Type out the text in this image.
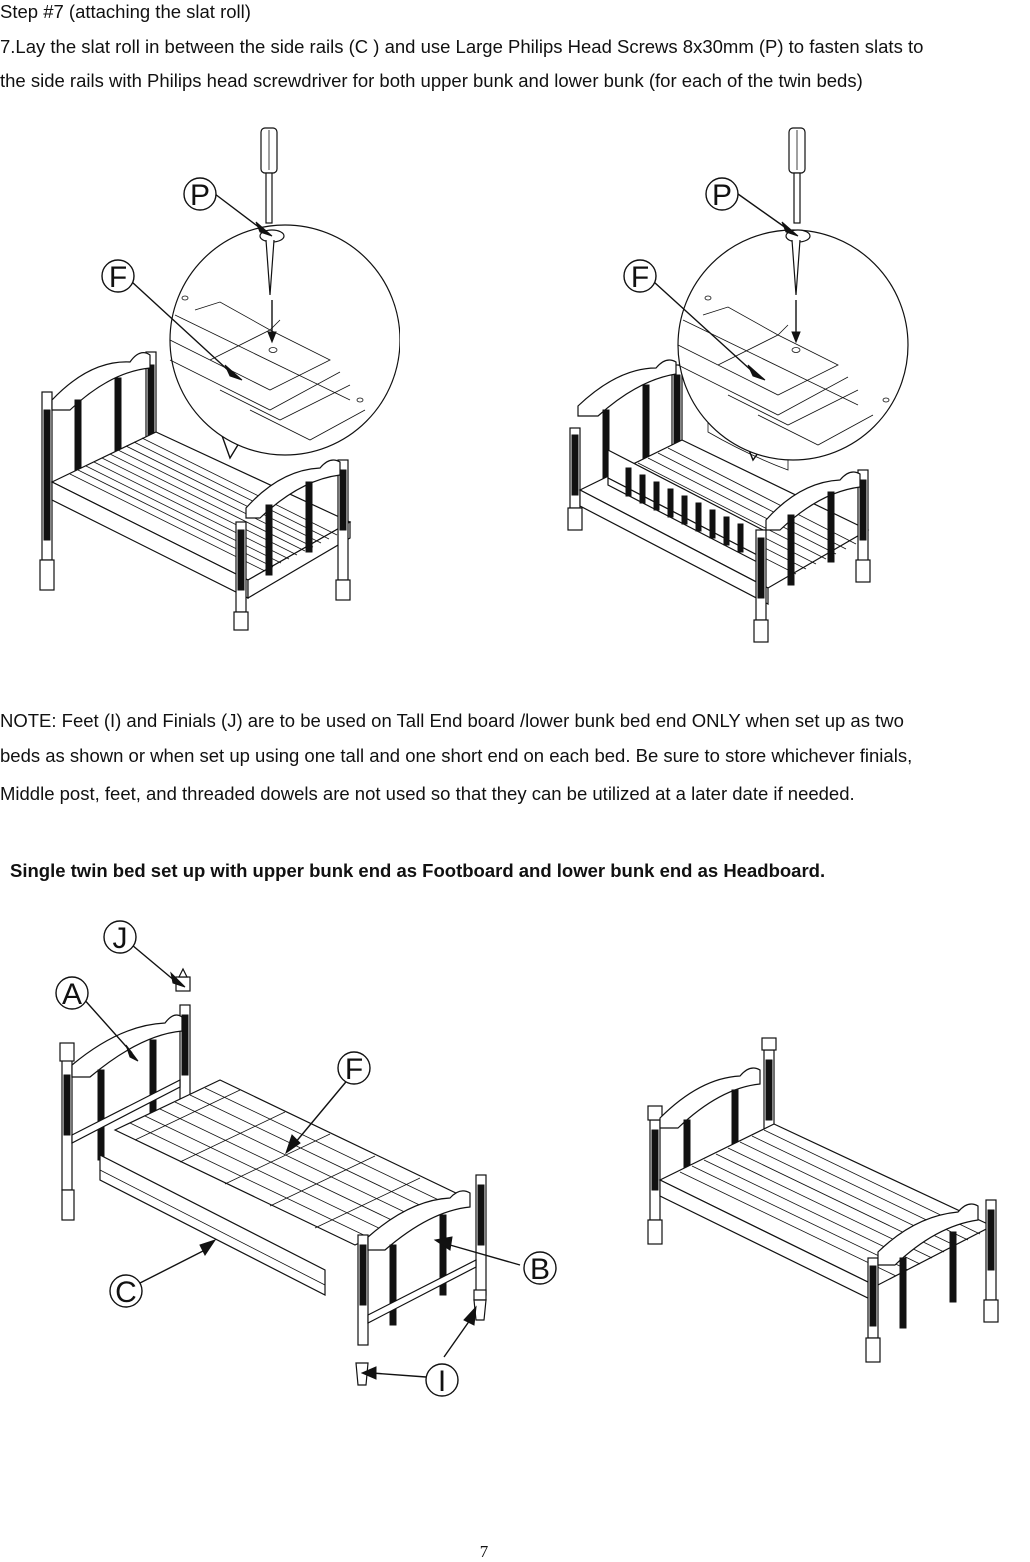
Step #7 (attaching the slat roll)
7.Lay the slat roll in between the side rails (C ) and use Large Philips Head Screws 8x30mm (P) to fasten slats to
the side rails with Philips head screwdriver for both upper bunk and lower bunk (for each of the twin beds)
P
F
P
F
NOTE: Feet (I) and Finials (J) are to be used on Tall End board /lower bunk bed end ONLY when set up as two
beds as shown or when set up using one tall and one short end on each bed. Be sure to store whichever finials,
Middle post, feet, and threaded dowels are not used so that they can be utilized at a later date if needed.
Single twin bed set up with upper bunk end as Footboard and lower bunk end as Headboard.
J
A
F
B
C
I
7
